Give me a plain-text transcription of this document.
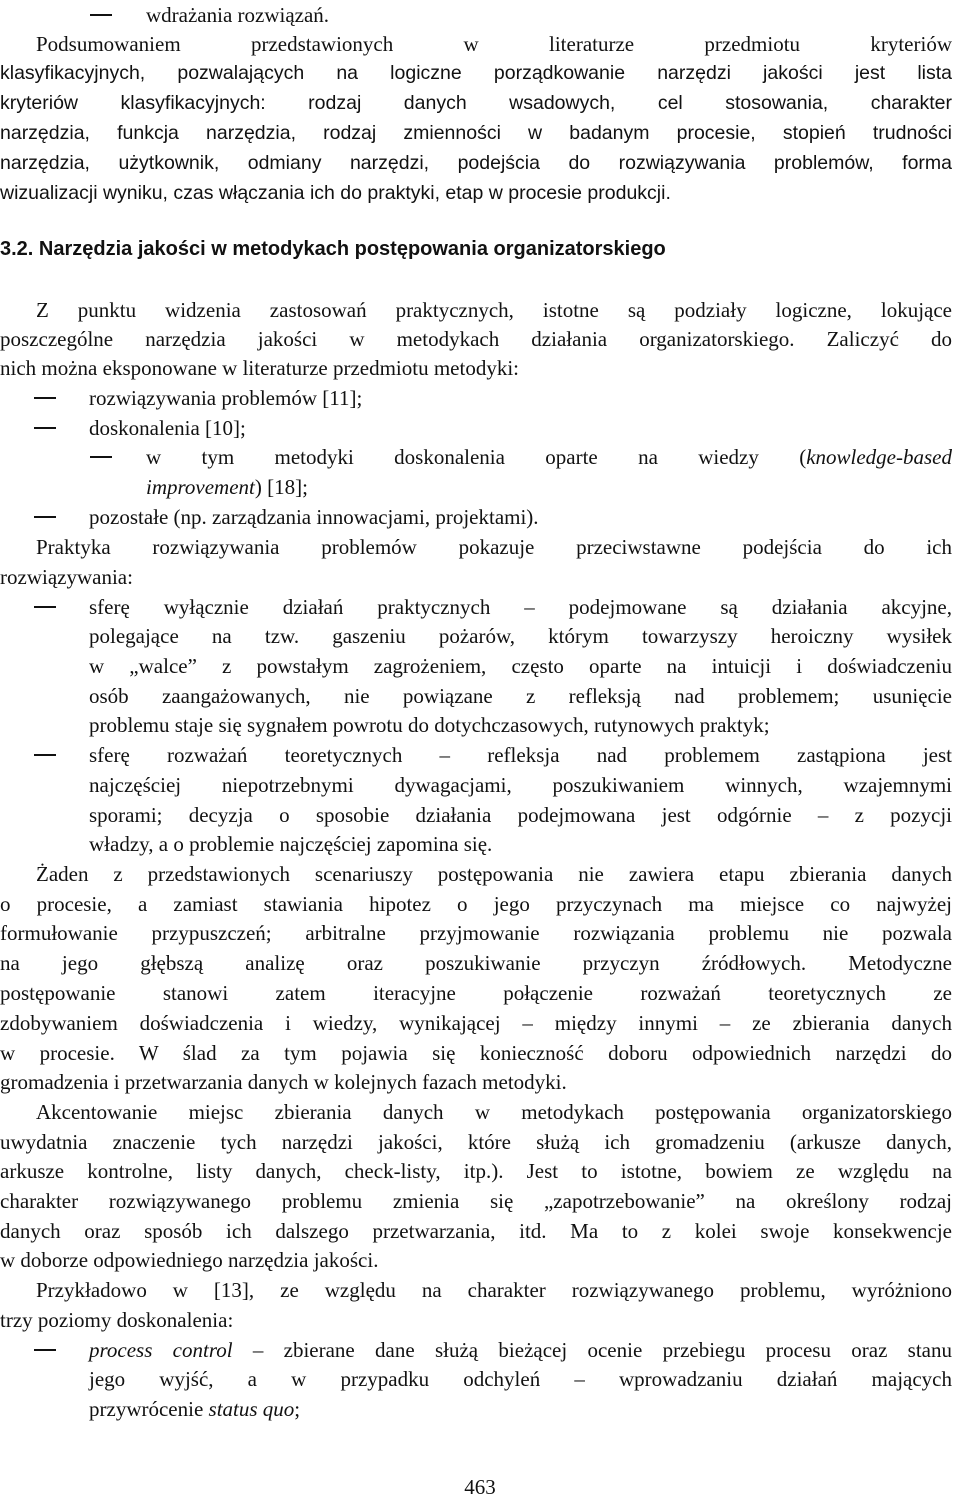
wdrażania rozwiązań.
Podsumowaniem przedstawionych w literaturze przedmiotu kryteriów
klasyfikacyjnych, pozwalających na logiczne porządkowanie narzędzi jakości jest lista
kryteriów klasyfikacyjnych: rodzaj danych wsadowych, cel stosowania, charakter
narzędzia, funkcja narzędzia, rodzaj zmienności w badanym procesie, stopień trudności
narzędzia, użytkownik, odmiany narzędzi, podejścia do rozwiązywania problemów, forma
wizualizacji wyniku, czas włączania ich do praktyki, etap w procesie produkcji.
3.2. Narzędzia jakości w metodykach postępowania organizatorskiego
Z punktu widzenia zastosowań praktycznych, istotne są podziały logiczne, lokujące
poszczególne narzędzia jakości w metodykach działania organizatorskiego. Zaliczyć do
nich można eksponowane w literaturze przedmiotu metodyki:
rozwiązywania problemów [11];
doskonalenia [10];
w tym metodyki doskonalenia oparte na wiedzy (knowledge-based
improvement) [18];
pozostałe (np. zarządzania innowacjami, projektami).
Praktyka rozwiązywania problemów pokazuje przeciwstawne podejścia do ich
rozwiązywania:
sferę wyłącznie działań praktycznych – podejmowane są działania akcyjne,
polegające na tzw. gaszeniu pożarów, którym towarzyszy heroiczny wysiłek
w „walce” z powstałym zagrożeniem, często oparte na intuicji i doświadczeniu
osób zaangażowanych, nie powiązane z refleksją nad problemem; usunięcie
problemu staje się sygnałem powrotu do dotychczasowych, rutynowych praktyk;
sferę rozważań teoretycznych – refleksja nad problemem zastąpiona jest
najczęściej niepotrzebnymi dywagacjami, poszukiwaniem winnych, wzajemnymi
sporami; decyzja o sposobie działania podejmowana jest odgórnie – z pozycji
władzy, a o problemie najczęściej zapomina się.
Żaden z przedstawionych scenariuszy postępowania nie zawiera etapu zbierania danych
o procesie, a zamiast stawiania hipotez o jego przyczynach ma miejsce co najwyżej
formułowanie przypuszczeń; arbitralne przyjmowanie rozwiązania problemu nie pozwala
na jego głębszą analizę oraz poszukiwanie przyczyn źródłowych. Metodyczne
postępowanie stanowi zatem iteracyjne połączenie rozważań teoretycznych ze
zdobywaniem doświadczenia i wiedzy, wynikającej – między innymi – ze zbierania danych
w procesie. W ślad za tym pojawia się konieczność doboru odpowiednich narzędzi do
gromadzenia i przetwarzania danych w kolejnych fazach metodyki.
Akcentowanie miejsc zbierania danych w metodykach postępowania organizatorskiego
uwydatnia znaczenie tych narzędzi jakości, które służą ich gromadzeniu (arkusze danych,
arkusze kontrolne, listy danych, check-listy, itp.). Jest to istotne, bowiem ze względu na
charakter rozwiązywanego problemu zmienia się „zapotrzebowanie” na określony rodzaj
danych oraz sposób ich dalszego przetwarzania, itd. Ma to z kolei swoje konsekwencje
w doborze odpowiedniego narzędzia jakości.
Przykładowo w [13], ze względu na charakter rozwiązywanego problemu, wyróżniono
trzy poziomy doskonalenia:
process control – zbierane dane służą bieżącej ocenie przebiegu procesu oraz stanu
jego wyjść, a w przypadku odchyleń – wprowadzaniu działań mających
przywrócenie status quo;
463
